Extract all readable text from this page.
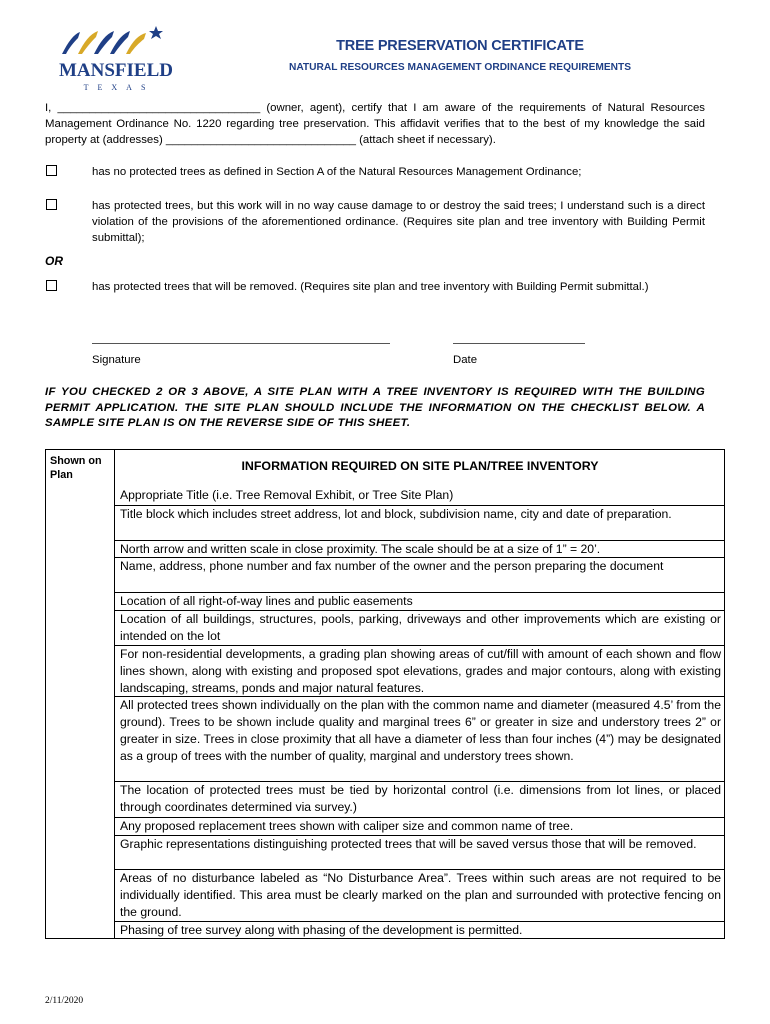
MANSFIELD
TEXAS
TREE PRESERVATION CERTIFICATE
NATURAL RESOURCES MANAGEMENT ORDINANCE REQUIREMENTS
I, ________________________________ (owner, agent), certify that I am aware of the requirements of Natural Resources Management Ordinance No. 1220 regarding tree preservation. This affidavit verifies that to the best of my knowledge the said property at (addresses) ______________________________ (attach sheet if necessary).
has no protected trees as defined in Section A of the Natural Resources Management Ordinance;
has protected trees, but this work will in no way cause damage to or destroy the said trees; I understand such is a direct violation of the provisions of the aforementioned ordinance. (Requires site plan and tree inventory with Building Permit submittal);
OR
has protected trees that will be removed. (Requires site plan and tree inventory with Building Permit submittal.)
Signature	Date
IF YOU CHECKED 2 OR 3 ABOVE, A SITE PLAN WITH A TREE INVENTORY IS REQUIRED WITH THE BUILDING PERMIT APPLICATION. THE SITE PLAN SHOULD INCLUDE THE INFORMATION ON THE CHECKLIST BELOW. A SAMPLE SITE PLAN IS ON THE REVERSE SIDE OF THIS SHEET.
Shown on Plan
INFORMATION REQUIRED ON SITE PLAN/TREE INVENTORY
Appropriate Title (i.e. Tree Removal Exhibit, or Tree Site Plan)
Title block which includes street address, lot and block, subdivision name, city and date of preparation.
North arrow and written scale in close proximity. The scale should be at a size of 1” = 20’.
Name, address, phone number and fax number of the owner and the person preparing the document
Location of all right-of-way lines and public easements
Location of all buildings, structures, pools, parking, driveways and other improvements which are existing or intended on the lot
For non-residential developments, a grading plan showing areas of cut/fill with amount of each shown and flow lines shown, along with existing and proposed spot elevations, grades and major contours, along with existing landscaping, streams, ponds and major natural features.
All protected trees shown individually on the plan with the common name and diameter (measured 4.5’ from the ground). Trees to be shown include quality and marginal trees 6” or greater in size and understory trees 2” or greater in size. Trees in close proximity that all have a diameter of less than four inches (4”) may be designated as a group of trees with the number of quality, marginal and understory trees shown.
The location of protected trees must be tied by horizontal control (i.e. dimensions from lot lines, or placed through coordinates determined via survey.)
Any proposed replacement trees shown with caliper size and common name of tree.
Graphic representations distinguishing protected trees that will be saved versus those that will be removed.
Areas of no disturbance labeled as “No Disturbance Area”. Trees within such areas are not required to be individually identified. This area must be clearly marked on the plan and surrounded with protective fencing on the ground.
Phasing of tree survey along with phasing of the development is permitted.
2/11/2020
